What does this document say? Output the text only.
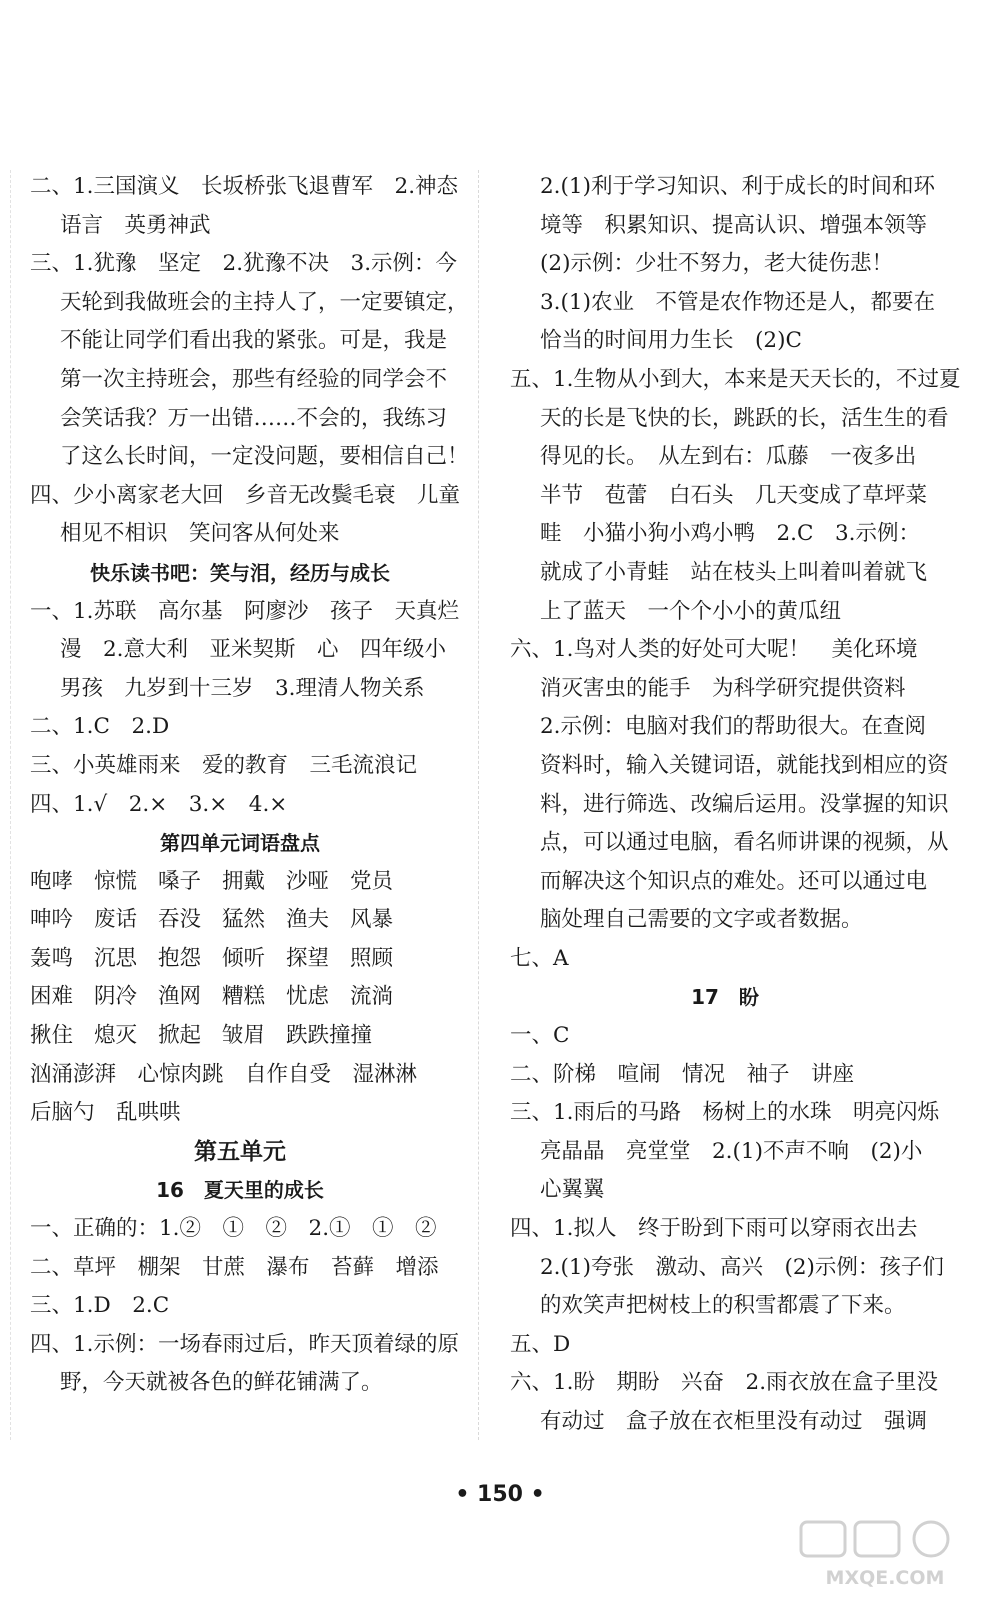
二、1.三国演义　长坂桥张飞退曹军　2.神态
语言　英勇神武
三、1.犹豫　坚定　2.犹豫不决　3.示例：今
天轮到我做班会的主持人了，一定要镇定，
不能让同学们看出我的紧张。可是，我是
第一次主持班会，那些有经验的同学会不
会笑话我？万一出错……不会的，我练习
了这么长时间，一定没问题，要相信自己！
四、少小离家老大回　乡音无改鬓毛衰　儿童
相见不相识　笑问客从何处来
快乐读书吧：笑与泪，经历与成长
一、1.苏联　高尔基　阿廖沙　孩子　天真烂
漫　2.意大利　亚米契斯　心　四年级小
男孩　九岁到十三岁　3.理清人物关系
二、1.C　2.D
三、小英雄雨来　爱的教育　三毛流浪记
四、1.√　2.×　3.×　4.×
第四单元词语盘点
咆哮 惊慌 嗓子 拥戴 沙哑 党员
呻吟 废话 吞没 猛然 渔夫 风暴
轰鸣 沉思 抱怨 倾听 探望 照顾
困难 阴冷 渔网 糟糕 忧虑 流淌
揪住 熄灭 掀起 皱眉 跌跌撞撞
汹涌澎湃　心惊肉跳　自作自受　湿淋淋
后脑勺　乱哄哄
第五单元
16　夏天里的成长
一、正确的：1.②　①　②　2.①　①　②
二、草坪　棚架　甘蔗　瀑布　苔藓　增添
三、1.D　2.C
四、1.示例：一场春雨过后，昨天顶着绿的原
野，今天就被各色的鲜花铺满了。
2.(1)利于学习知识、利于成长的时间和环
境等　积累知识、提高认识、增强本领等
(2)示例：少壮不努力，老大徒伤悲！
3.(1)农业　不管是农作物还是人，都要在
恰当的时间用力生长　(2)C
五、1.生物从小到大，本来是天天长的，不过夏
天的长是飞快的长，跳跃的长，活生生的看
得见的长。　从左到右：瓜藤　一夜多出
半节　苞蕾　白石头　几天变成了草坪菜
畦　小猫小狗小鸡小鸭　2.C　3.示例：
就成了小青蛙　站在枝头上叫着叫着就飞
上了蓝天　一个个小小的黄瓜纽
六、1.鸟对人类的好处可大呢！　美化环境
消灭害虫的能手　为科学研究提供资料
2.示例：电脑对我们的帮助很大。在查阅
资料时，输入关键词语，就能找到相应的资
料，进行筛选、改编后运用。没掌握的知识
点，可以通过电脑，看名师讲课的视频，从
而解决这个知识点的难处。还可以通过电
脑处理自己需要的文字或者数据。
七、A
17　盼
一、C
二、阶梯　喧闹　情况　袖子　讲座
三、1.雨后的马路　杨树上的水珠　明亮闪烁
亮晶晶　亮堂堂　2.(1)不声不响　(2)小
心翼翼
四、1.拟人　终于盼到下雨可以穿雨衣出去
2.(1)夸张　激动、高兴　(2)示例：孩子们
的欢笑声把树枝上的积雪都震了下来。
五、D
六、1.盼　期盼　兴奋　2.雨衣放在盒子里没
有动过　盒子放在衣柜里没有动过　强调
• 150 •
MXQE.COM
